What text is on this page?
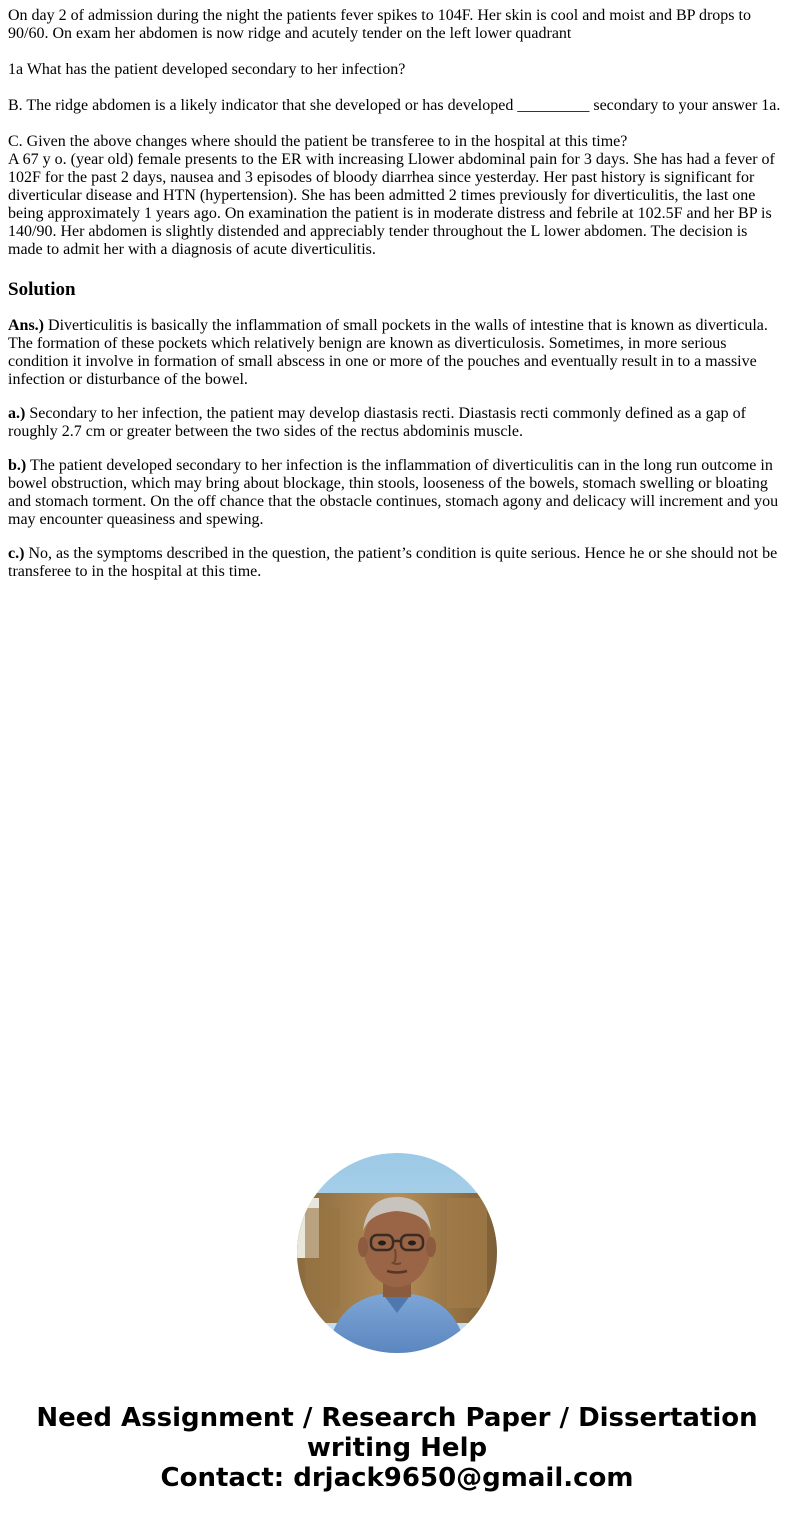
On day 2 of admission during the night the patients fever spikes to 104F. Her skin is cool and moist and BP drops to

90/60. On exam her abdomen is now ridge and acutely tender on the left lower quadrant

1a What has the patient developed secondary to her infection?

B. The ridge abdomen is a likely indicator that she developed or has developed _________ secondary to your answer 1a.

C. Given the above changes where should the patient be transferee to in the hospital at this time?

A 67 y o. (year old) female presents to the ER with increasing Llower abdominal pain for 3 days. She has had a fever of 102F for the past 2 days, nausea and 3 episodes of bloody diarrhea since yesterday. Her past history is significant for diverticular disease and HTN (hypertension). She has been admitted 2 times previously for diverticulitis, the last one being approximately 1 years ago. On examination the patient is in moderate distress and febrile at 102.5F and her BP is 140/90. Her abdomen is slightly distended and appreciably tender throughout the L lower abdomen. The decision is made to admit her with a diagnosis of acute diverticulitis.

Solution

Ans.) Diverticulitis is basically the inflammation of small pockets in the walls of intestine that is known as diverticula. The formation of these pockets which relatively benign are known as diverticulosis. Sometimes, in more serious condition it involve in formation of small abscess in one or more of the pouches and eventually result in to a massive infection or disturbance of the bowel.

a.) Secondary to her infection, the patient may develop diastasis recti. Diastasis recti commonly defined as a gap of roughly 2.7 cm or greater between the two sides of the rectus abdominis muscle.

b.) The patient developed secondary to her infection is the inflammation of diverticulitis can in the long run outcome in bowel obstruction, which may bring about blockage, thin stools, looseness of the bowels, stomach swelling or bloating and stomach torment. On the off chance that the obstacle continues, stomach agony and delicacy will increment and you may encounter queasiness and spewing.

c.) No, as the symptoms described in the question, the patient’s condition is quite serious. Hence he or she should not be transferee to in the hospital at this time.

Need Assignment / Research Paper / Dissertation
writing Help
Contact: drjack9650@gmail.com
